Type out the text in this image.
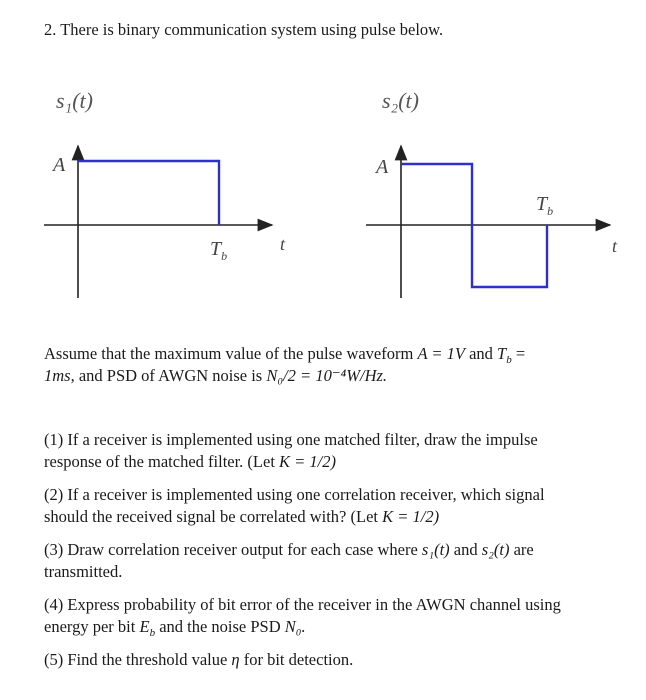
2. There is binary communication system using pulse below.
s₁(t)
A
$T_b$
t
s₂(t)
A
$T_b$
t
Assume that the maximum value of the pulse waveform A = 1V and $T_b$ =
1ms, and PSD of AWGN noise is N₀/2 = 10⁻⁴W/Hz.
(1) If a receiver is implemented using one matched filter, draw the impulse
response of the matched filter. (Let K = 1/2)
(2) If a receiver is implemented using one correlation receiver, which signal
should the received signal be correlated with? (Let K = 1/2)
(3) Draw correlation receiver output for each case where s₁(t) and s₂(t) are
transmitted.
(4) Express probability of bit error of the receiver in the AWGN channel using
energy per bit $E_b$ and the noise PSD N₀.
(5) Find the threshold value η for bit detection.
